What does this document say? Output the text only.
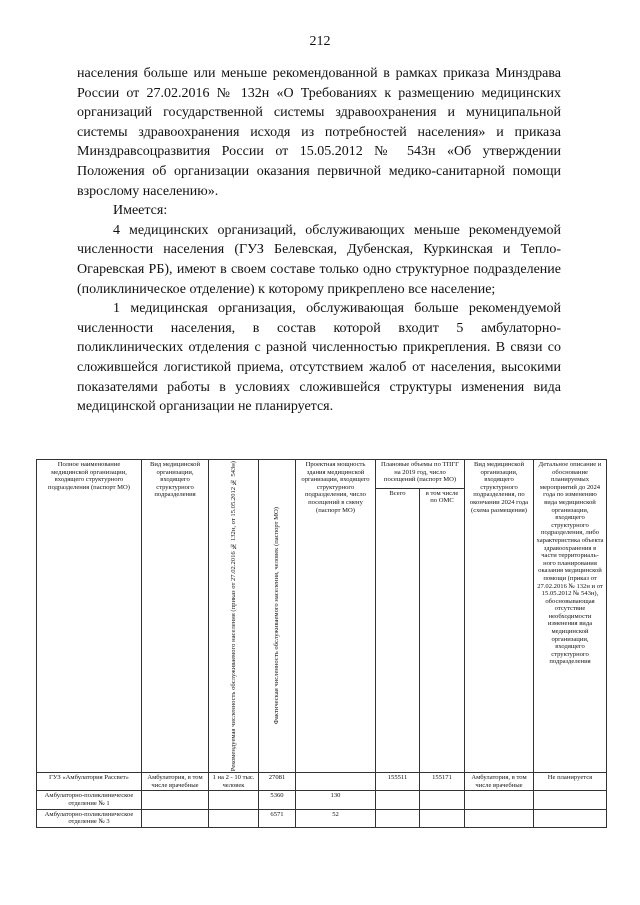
212

населения больше или меньше рекомендованной в рамках приказа Минздрава России от 27.02.2016 № 132н «О Требованиях к размещению медицинских организаций государственной системы здравоохранения и муниципальной системы здравоохранения исходя из потребностей населения» и приказа Минздравсоцразвития России от 15.05.2012 № 543н «Об утверждении Положения об организации оказания первичной медико-санитарной помощи взрослому населению».

Имеется:

4 медицинских организаций, обслуживающих меньше рекомендуемой численности населения (ГУЗ Белевская, Дубенская, Куркинская и Тепло-Огаревская РБ), имеют в своем составе только одно структурное подразделение (поликлиническое отделение) к которому прикреплено все население;

1 медицинская организация, обслуживающая больше рекомендуемой численности населения, в состав которой входит 5 амбулаторно-поликлинических отделения с разной численностью прикрепления. В связи со сложившейся логистикой приема, отсутствием жалоб от населения, высокими показателями работы в условиях сложившейся структуры изменения вида медицинской организации не планируется.

Полное наименование медицинской организации, входящего структурного подразделения (паспорт МО)	Вид медицинской организации, входящего структурного подразделения	Рекомендуемая численность обслуживаемого населения (приказ от 27.02.2016 № 132н, от 15.05.2012 № 543н)	Фактическая численность обслуживаемого населения, человек (паспорт МО)	Проектная мощность здания медицинской организации, входящего структурного подразделения, число посещений в смену (паспорт МО)	Плановые объемы по ТПГГ на 2019 год, число посещений (паспорт МО)		Вид медицинской организации, входящего структурного подразделения, по окончании 2024 года (схема размещения)	Детальное описание и обоснование планируемых мероприятий до 2024 года по изменению вида медицинской организации, входящего структурного подразделения, либо характеристика объекта здравоохранения в части территориаль-ного планирования оказания медицинской помощи (приказ от 27.02.2016 № 132н и от 15.05.2012 № 543н), обосновывающая отсутствие необходимости изменения вида медицинской организации, входящего структурного подразделения
					Всего	в том числе по ОМС		
ГУЗ «Амбулатория Рассвет»	Амбулатория, в том числе врачебные	1 на 2 - 10 тыс. человек	27081		155511	155171	Амбулатория, в том числе врачебные	Не планируется
Амбулаторно-поликлиническое отделение № 1			5360	130				
Амбулаторно-поликлиническое отделение № 3			6571	52				
